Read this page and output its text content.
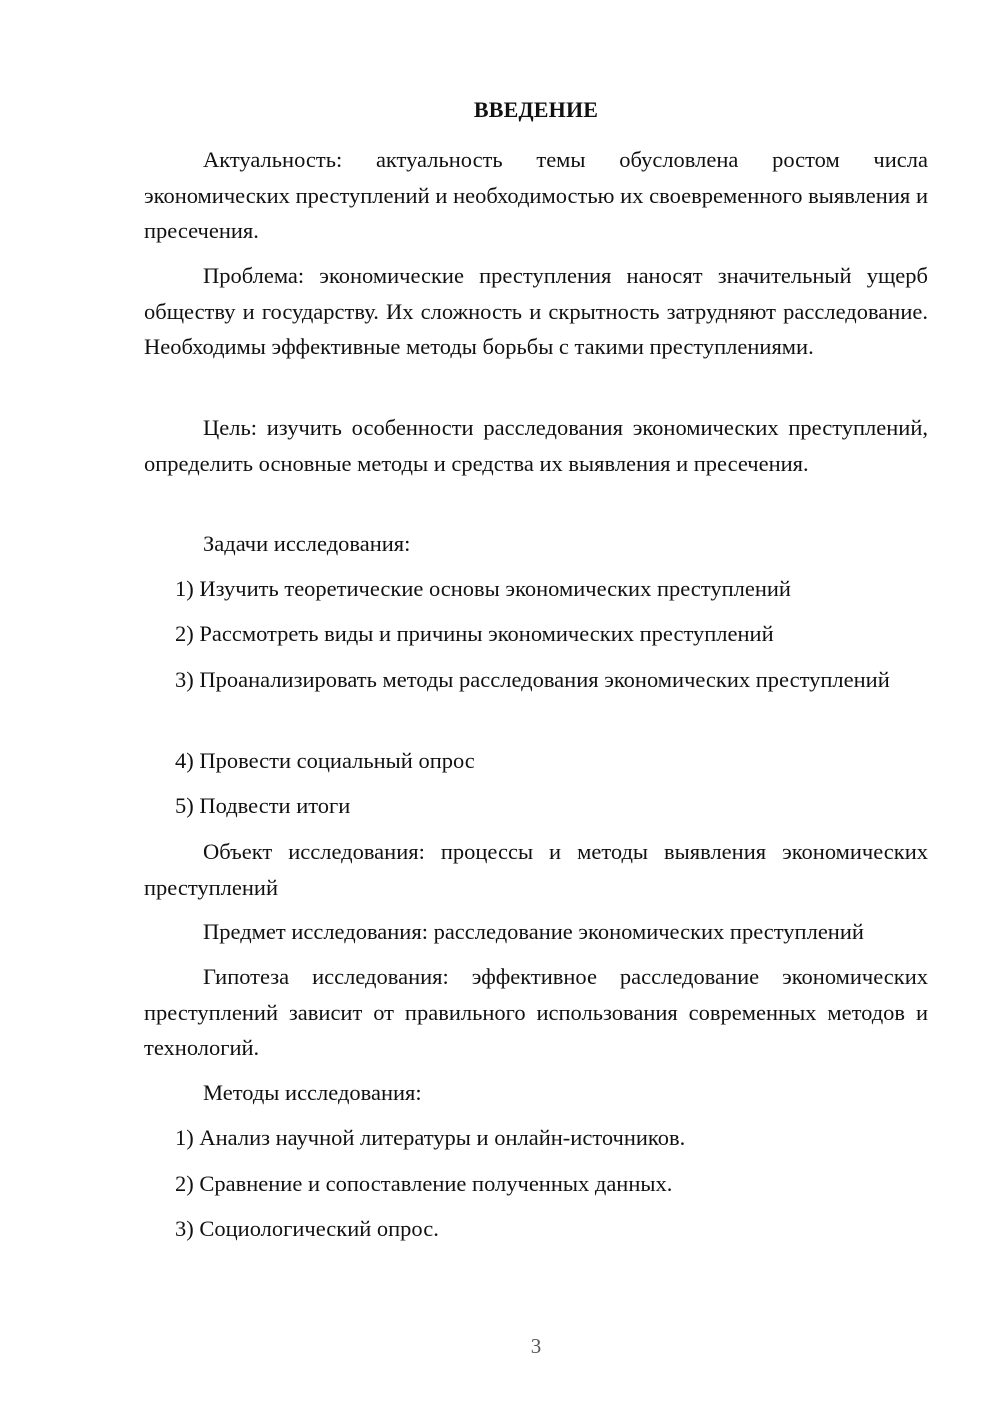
ВВЕДЕНИЕ
Актуальность: актуальность темы обусловлена ростом числа экономических преступлений и необходимостью их своевременного выявления и пресечения.
Проблема: экономические преступления наносят значительный ущерб обществу и государству. Их сложность и скрытность затрудняют расследование. Необходимы эффективные методы борьбы с такими преступлениями.
Цель: изучить особенности расследования экономических преступлений, определить основные методы и средства их выявления и пресечения.
Задачи исследования:
1) Изучить теоретические основы экономических преступлений
2) Рассмотреть виды и причины экономических преступлений
3) Проанализировать методы расследования экономических преступлений
4) Провести социальный опрос
5) Подвести итоги
Объект исследования: процессы и методы выявления экономических преступлений
Предмет исследования: расследование экономических преступлений
Гипотеза исследования: эффективное расследование экономических преступлений зависит от правильного использования современных методов и технологий.
Методы исследования:
1) Анализ научной литературы и онлайн-источников.
2) Сравнение и сопоставление полученных данных.
3) Социологический опрос.
3
